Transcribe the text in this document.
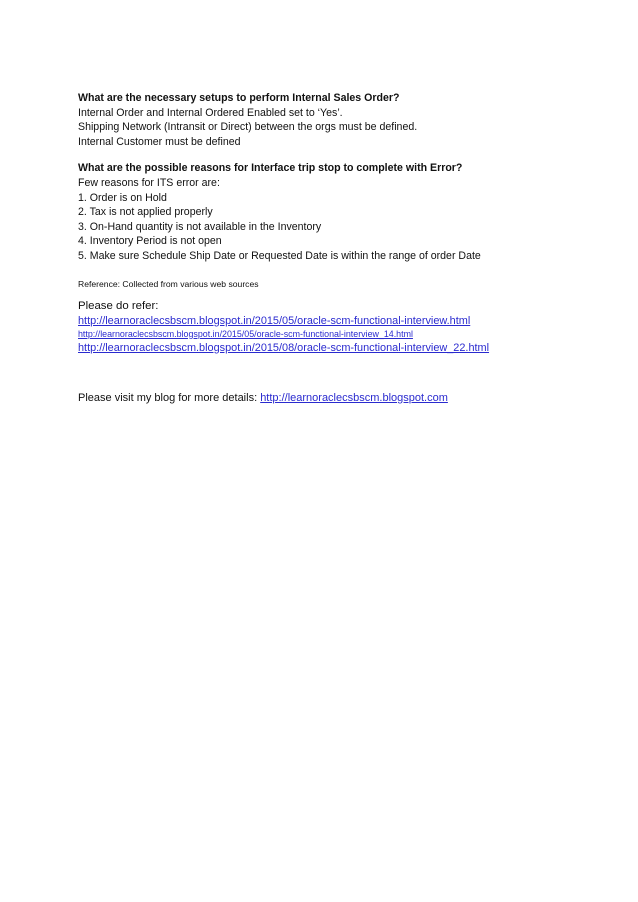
What are the necessary setups to perform Internal Sales Order?
Internal Order and Internal Ordered Enabled set to ‘Yes’.
Shipping Network (Intransit or Direct) between the orgs must be defined.
Internal Customer must be defined
What are the possible reasons for Interface trip stop to complete with Error?
Few reasons for ITS error are:
1. Order is on Hold
2. Tax is not applied properly
3. On-Hand quantity is not available in the Inventory
4. Inventory Period is not open
5. Make sure Schedule Ship Date or Requested Date is within the range of order Date
Reference: Collected from various web sources
Please do refer:
http://learnoraclecsbscm.blogspot.in/2015/05/oracle-scm-functional-interview.html
http://learnoraclecsbscm.blogspot.in/2015/05/oracle-scm-functional-interview_14.html
http://learnoraclecsbscm.blogspot.in/2015/08/oracle-scm-functional-interview_22.html
Please visit my blog for more details: http://learnoraclecsbscm.blogspot.com
